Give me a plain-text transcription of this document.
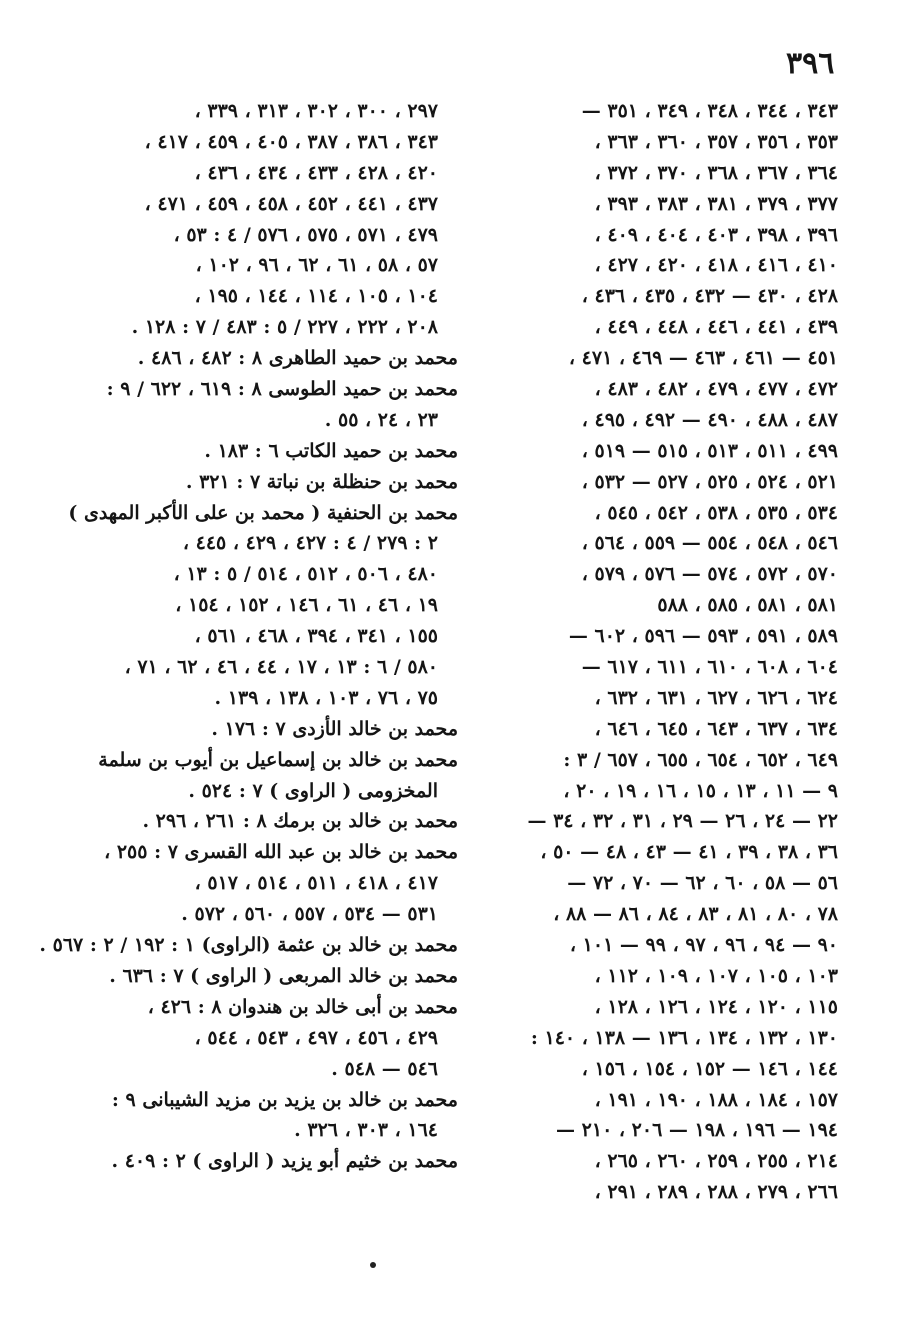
٣٩٦
٣٤٣ ، ٣٤٤ ، ٣٤٨ ، ٣٤٩ ، ٣٥١ —
٣٥٣ ، ٣٥٦ ، ٣٥٧ ، ٣٦٠ ، ٣٦٣ ،
٣٦٤ ، ٣٦٧ ، ٣٦٨ ، ٣٧٠ ، ٣٧٢ ،
٣٧٧ ، ٣٧٩ ، ٣٨١ ، ٣٨٣ ، ٣٩٣ ،
٣٩٦ ، ٣٩٨ ، ٤٠٣ ، ٤٠٤ ، ٤٠٩ ،
٤١٠ ، ٤١٦ ، ٤١٨ ، ٤٢٠ ، ٤٢٧ ،
٤٢٨ ، ٤٣٠ — ٤٣٢ ، ٤٣٥ ، ٤٣٦ ،
٤٣٩ ، ٤٤١ ، ٤٤٦ ، ٤٤٨ ، ٤٤٩ ،
٤٥١ — ٤٦١ ، ٤٦٣ — ٤٦٩ ، ٤٧١ ،
٤٧٢ ، ٤٧٧ ، ٤٧٩ ، ٤٨٢ ، ٤٨٣ ،
٤٨٧ ، ٤٨٨ ، ٤٩٠ — ٤٩٢ ، ٤٩٥ ،
٤٩٩ ، ٥١١ ، ٥١٣ ، ٥١٥ — ٥١٩ ،
٥٢١ ، ٥٢٤ ، ٥٢٥ ، ٥٢٧ — ٥٣٢ ،
٥٣٤ ، ٥٣٥ ، ٥٣٨ ، ٥٤٢ ، ٥٤٥ ،
٥٤٦ ، ٥٤٨ ، ٥٥٤ — ٥٥٩ ، ٥٦٤ ،
٥٧٠ ، ٥٧٢ ، ٥٧٤ — ٥٧٦ ، ٥٧٩ ،
٥٨١ ، ٥٨١ ، ٥٨٥ ، ٥٨٨
٥٨٩ ، ٥٩١ ، ٥٩٣ — ٥٩٦ ، ٦٠٢ —
٦٠٤ ، ٦٠٨ ، ٦١٠ ، ٦١١ ، ٦١٧ —
٦٢٤ ، ٦٢٦ ، ٦٢٧ ، ٦٣١ ، ٦٣٢ ،
٦٣٤ ، ٦٣٧ ، ٦٤٣ ، ٦٤٥ ، ٦٤٦ ،
٦٤٩ ، ٦٥٢ ، ٦٥٤ ، ٦٥٥ ، ٦٥٧ / ٣ :
٩ — ١١ ، ١٣ ، ١٥ ، ١٦ ، ١٩ ، ٢٠ ،
٢٢ — ٢٤ ، ٢٦ — ٢٩ ، ٣١ ، ٣٢ ، ٣٤ —
٣٦ ، ٣٨ ، ٣٩ ، ٤١ — ٤٣ ، ٤٨ — ٥٠ ،
٥٦ — ٥٨ ، ٦٠ ، ٦٢ — ٧٠ ، ٧٢ —
٧٨ ، ٨٠ ، ٨١ ، ٨٣ ، ٨٤ ، ٨٦ — ٨٨ ،
٩٠ — ٩٤ ، ٩٦ ، ٩٧ ، ٩٩ — ١٠١ ،
١٠٣ ، ١٠٥ ، ١٠٧ ، ١٠٩ ، ١١٢ ،
١١٥ ، ١٢٠ ، ١٢٤ ، ١٢٦ ، ١٢٨ ،
١٣٠ ، ١٣٢ ، ١٣٤ ، ١٣٦ — ١٣٨ ، ١٤٠ :
١٤٤ ، ١٤٦ — ١٥٢ ، ١٥٤ ، ١٥٦ ،
١٥٧ ، ١٨٤ ، ١٨٨ ، ١٩٠ ، ١٩١ ،
١٩٤ — ١٩٦ ، ١٩٨ — ٢٠٦ ، ٢١٠ —
٢١٤ ، ٢٥٥ ، ٢٥٩ ، ٢٦٠ ، ٢٦٥ ،
٢٦٦ ، ٢٧٩ ، ٢٨٨ ، ٢٨٩ ، ٢٩١ ،
٢٩٧ ، ٣٠٠ ، ٣٠٢ ، ٣١٣ ، ٣٣٩ ،
٣٤٣ ، ٣٨٦ ، ٣٨٧ ، ٤٠٥ ، ٤٥٩ ، ٤١٧ ،
٤٢٠ ، ٤٢٨ ، ٤٣٣ ، ٤٣٤ ، ٤٣٦ ،
٤٣٧ ، ٤٤١ ، ٤٥٢ ، ٤٥٨ ، ٤٥٩ ، ٤٧١ ،
٤٧٩ ، ٥٧١ ، ٥٧٥ ، ٥٧٦ / ٤ : ٥٣ ،
٥٧ ، ٥٨ ، ٦١ ، ٦٢ ، ٩٦ ، ١٠٢ ،
١٠٤ ، ١٠٥ ، ١١٤ ، ١٤٤ ، ١٩٥ ،
٢٠٨ ، ٢٢٢ ، ٢٢٧ / ٥ : ٤٨٣ / ٧ : ١٢٨ .
محمد بن حميد الطاهرى ٨ : ٤٨٢ ، ٤٨٦ .
محمد بن حميد الطوسى ٨ : ٦١٩ ، ٦٢٢ / ٩ :
٢٣ ، ٢٤ ، ٥٥ .
محمد بن حميد الكاتب ٦ : ١٨٣ .
محمد بن حنظلة بن نباتة ٧ : ٣٢١ .
محمد بن الحنفية ( محمد بن على الأكبر المهدى )
٢ : ٢٧٩ / ٤ : ٤٢٧ ، ٤٢٩ ، ٤٤٥ ،
٤٨٠ ، ٥٠٦ ، ٥١٢ ، ٥١٤ / ٥ : ١٣ ،
١٩ ، ٤٦ ، ٦١ ، ١٤٦ ، ١٥٢ ، ١٥٤ ،
١٥٥ ، ٣٤١ ، ٣٩٤ ، ٤٦٨ ، ٥٦١ ،
٥٨٠ / ٦ : ١٣ ، ١٧ ، ٤٤ ، ٤٦ ، ٦٢ ، ٧١ ،
٧٥ ، ٧٦ ، ١٠٣ ، ١٣٨ ، ١٣٩ .
محمد بن خالد الأزدى ٧ : ١٧٦ .
محمد بن خالد بن إسماعيل بن أيوب بن سلمة
المخزومى ( الراوى ) ٧ : ٥٢٤ .
محمد بن خالد بن برمك ٨ : ٢٦١ ، ٢٩٦ .
محمد بن خالد بن عبد الله القسرى ٧ : ٢٥٥ ،
٤١٧ ، ٤١٨ ، ٥١١ ، ٥١٤ ، ٥١٧ ،
٥٣١ — ٥٣٤ ، ٥٥٧ ، ٥٦٠ ، ٥٧٢ .
محمد بن خالد بن عثمة (الراوى) ١ : ١٩٢ / ٢ : ٥٦٧ .
محمد بن خالد المربعى ( الراوى ) ٧ : ٦٣٦ .
محمد بن أبى خالد بن هندوان ٨ : ٤٢٦ ،
٤٢٩ ، ٤٥٦ ، ٤٩٧ ، ٥٤٣ ، ٥٤٤ ،
٥٤٦ — ٥٤٨ .
محمد بن خالد بن يزيد بن مزيد الشيبانى ٩ :
١٦٤ ، ٣٠٣ ، ٣٢٦ .
محمد بن خثيم أبو يزيد ( الراوى ) ٢ : ٤٠٩ .
